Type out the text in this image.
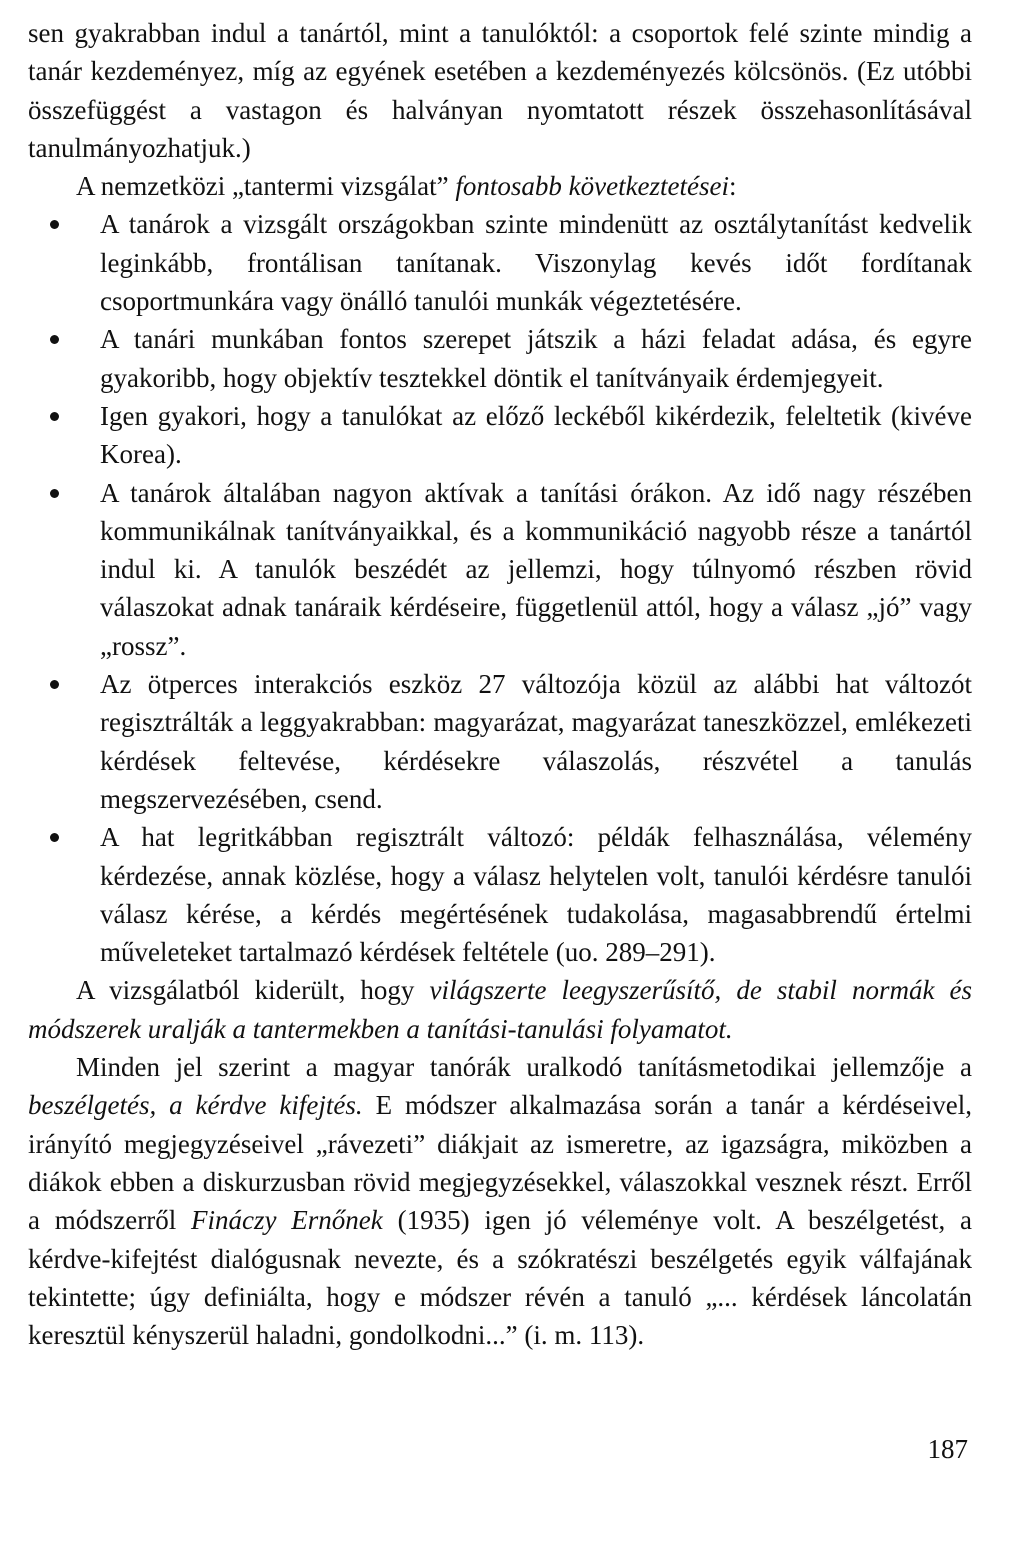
sen gyakrabban indul a tanártól, mint a tanulóktól: a csoportok felé szinte mindig a tanár kezdeményez, míg az egyének esetében a kezdeményezés kölcsönös. (Ez utóbbi összefüggést a vastagon és halványan nyomtatott részek összehasonlításával tanulmányozhatjuk.)

A nemzetközi „tantermi vizsgálat” fontosabb következtetései:

A tanárok a vizsgált országokban szinte mindenütt az osztálytanítást kedvelik leginkább, frontálisan tanítanak. Viszonylag kevés időt fordítanak csoportmunkára vagy önálló tanulói munkák végeztetésére.
A tanári munkában fontos szerepet játszik a házi feladat adása, és egyre gyakoribb, hogy objektív tesztekkel döntik el tanítványaik érdemjegyeit.
Igen gyakori, hogy a tanulókat az előző leckéből kikérdezik, feleltetik (kivéve Korea).
A tanárok általában nagyon aktívak a tanítási órákon. Az idő nagy részében kommunikálnak tanítványaikkal, és a kommunikáció nagyobb része a tanártól indul ki. A tanulók beszédét az jellemzi, hogy túlnyomó részben rövid válaszokat adnak tanáraik kérdéseire, függetlenül attól, hogy a válasz „jó” vagy „rossz”.
Az ötperces interakciós eszköz 27 változója közül az alábbi hat változót regisztrálták a leggyakrabban: magyarázat, magyarázat taneszközzel, emlékezeti kérdések feltevése, kérdésekre válaszolás, részvétel a tanulás megszervezésében, csend.
A hat legritkábban regisztrált változó: példák felhasználása, vélemény kérdezése, annak közlése, hogy a válasz helytelen volt, tanulói kérdésre tanulói válasz kérése, a kérdés megértésének tudakolása, magasabbrendű értelmi műveleteket tartalmazó kérdések feltétele (uo. 289–291).

A vizsgálatból kiderült, hogy világszerte leegyszerűsítő, de stabil normák és módszerek uralják a tantermekben a tanítási-tanulási folyamatot.

Minden jel szerint a magyar tanórák uralkodó tanításmetodikai jellemzője a beszélgetés, a kérdve kifejtés. E módszer alkalmazása során a tanár a kérdéseivel, irányító megjegyzéseivel „rávezeti” diákjait az ismeretre, az igazságra, miközben a diákok ebben a diskurzusban rövid megjegyzésekkel, válaszokkal vesznek részt. Erről a módszerről Fináczy Ernőnek (1935) igen jó véleménye volt. A beszélgetést, a kérdve-kifejtést dialógusnak nevezte, és a szókratészi beszélgetés egyik válfajának tekintette; úgy definiálta, hogy e módszer révén a tanuló „... kérdések láncolatán keresztül kényszerül haladni, gondolkodni...” (i. m. 113).

187
